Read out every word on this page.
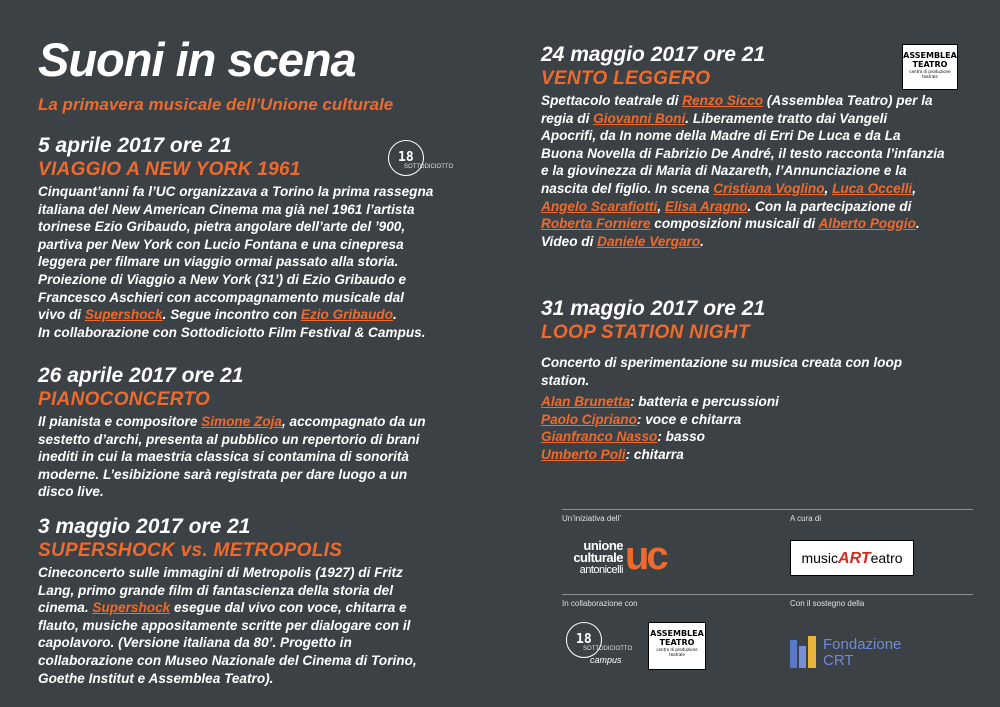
Suoni in scena
La primavera musicale dell’Unione culturale
5 aprile 2017 ore 21
VIAGGIO A NEW YORK 1961
Cinquant’anni fa l’UC organizzava a Torino la prima rassegna
italiana del New American Cinema ma già nel 1961 l’artista
torinese Ezio Gribaudo, pietra angolare dell’arte del ’900,
partiva per New York con Lucio Fontana e una cinepresa
leggera per filmare un viaggio ormai passato alla storia.
Proiezione di Viaggio a New York (31’) di Ezio Gribaudo e
Francesco Aschieri con accompagnamento musicale dal
vivo di Supershock. Segue incontro con Ezio Gribaudo.
In collaborazione con Sottodiciotto Film Festival & Campus.
18
SOTTODICIOTTO
26 aprile 2017 ore 21
PIANOCONCERTO
Il pianista e compositore Simone Zoja, accompagnato da un
sestetto d’archi, presenta al pubblico un repertorio di brani
inediti in cui la maestria classica si contamina di sonorità
moderne. L’esibizione sarà registrata per dare luogo a un
disco live.
3 maggio 2017 ore 21
SUPERSHOCK vs. METROPOLIS
Cineconcerto sulle immagini di Metropolis (1927) di Fritz
Lang, primo grande film di fantascienza della storia del
cinema. Supershock esegue dal vivo con voce, chitarra e
flauto, musiche appositamente scritte per dialogare con il
capolavoro. (Versione italiana da 80’. Progetto in
collaborazione con Museo Nazionale del Cinema di Torino,
Goethe Institut e Assemblea Teatro).
24 maggio 2017 ore 21
VENTO LEGGERO
Spettacolo teatrale di Renzo Sicco (Assemblea Teatro) per la
regia di Giovanni Boni. Liberamente tratto dai Vangeli
Apocrifi, da In nome della Madre di Erri De Luca e da La
Buona Novella di Fabrizio De André, il testo racconta l’infanzia
e la giovinezza di Maria di Nazareth, l’Annunciazione e la
nascita del figlio. In scena Cristiana Voglino, Luca Occelli,
Angelo Scarafiotti, Elisa Aragno. Con la partecipazione di
Roberta Forniere composizioni musicali di Alberto Poggio.
Video di Daniele Vergaro.
ASSEMBLEA
TEATRO
centro di produzione
teatrale
31 maggio 2017 ore 21
LOOP STATION NIGHT
Concerto di sperimentazione su musica creata con loop
station.
Alan Brunetta: batteria e percussioni
Paolo Cipriano: voce e chitarra
Gianfranco Nasso: basso
Umberto Poli: chitarra
Un’iniziativa dell’	A cura di
unione
culturale
antonicelli uc	musicARTeatro
In collaborazione con	Con il sostegno della
18
SOTTODICIOTTO
campus
ASSEMBLEA
TEATRO
centro di produzione
teatrale
Fondazione
CRT
